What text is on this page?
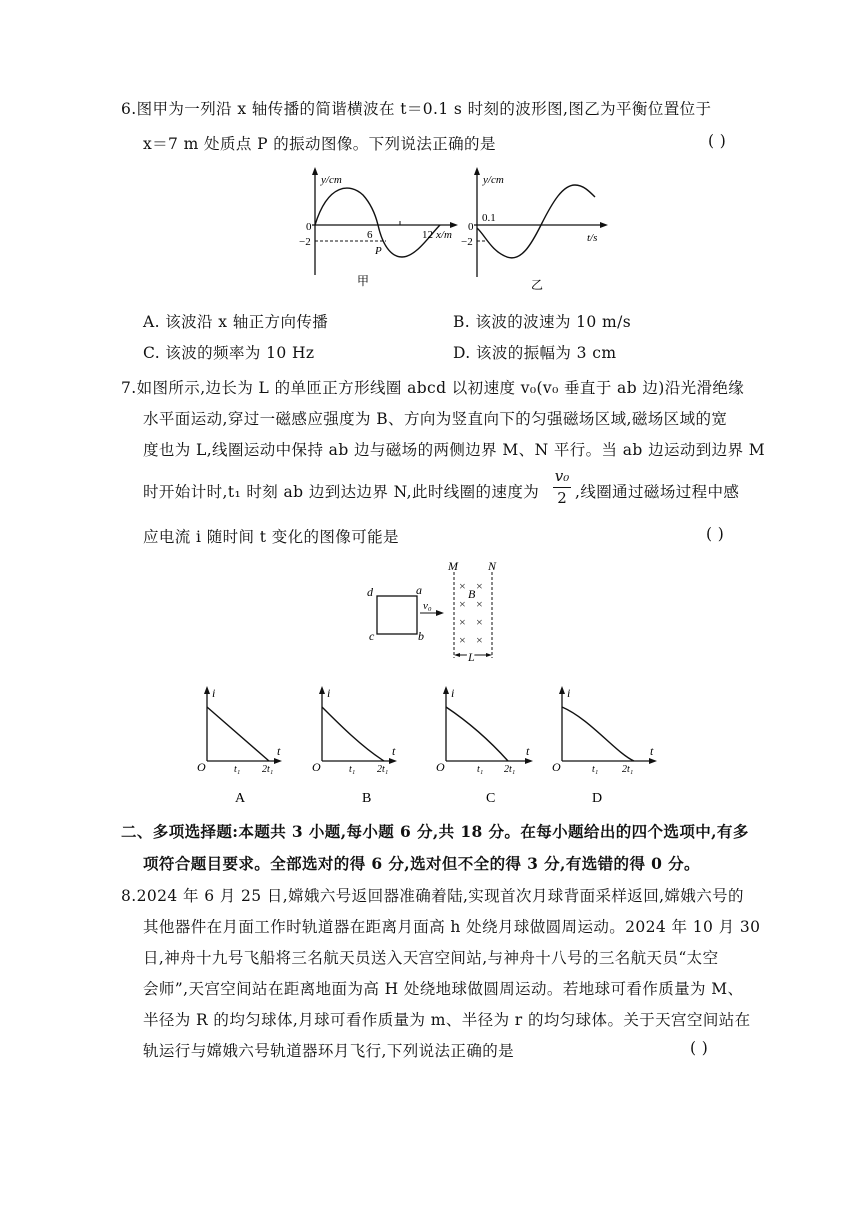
6.图甲为一列沿 x 轴传播的简谐横波在 t＝0.1 s 时刻的波形图,图乙为平衡位置位于
x＝7 m 处质点 P 的振动图像。下列说法正确的是	( )
y/cm
0
−2
6	12 x/m
P
甲
y/cm
0
−2
0.1
t/s
乙
A. 该波沿 x 轴正方向传播	B. 该波的波速为 10 m/s
C. 该波的频率为 10 Hz	D. 该波的振幅为 3 cm
7.如图所示,边长为 L 的单匝正方形线圈 abcd 以初速度 v₀(v₀ 垂直于 ab 边)沿光滑绝缘
水平面运动,穿过一磁感应强度为 B、方向为竖直向下的匀强磁场区域,磁场区域的宽
度也为 L,线圈运动中保持 ab 边与磁场的两侧边界 M、N 平行。当 ab 边运动到边界 M
时开始计时,t₁ 时刻 ab 边到达边界 N,此时线圈的速度为
v₀
2 ,线圈通过磁场过程中感
应电流 i 随时间 t 变化的图像可能是	( )
× ×
× ×
× ×
× ×
d	a
c	b
v₀
M	N
B
L
i
t
O	t₁ 2t₁
A
i
t
O	t₁ 2t₁
B
i
t
O	t₁ 2t₁
C
i
t
O	t₁ 2t₁
D
二、多项选择题:本题共 3 小题,每小题 6 分,共 18 分。在每小题给出的四个选项中,有多
项符合题目要求。全部选对的得 6 分,选对但不全的得 3 分,有选错的得 0 分。
8.2024 年 6 月 25 日,嫦娥六号返回器准确着陆,实现首次月球背面采样返回,嫦娥六号的
其他器件在月面工作时轨道器在距离月面高 h 处绕月球做圆周运动。2024 年 10 月 30
日,神舟十九号飞船将三名航天员送入天宫空间站,与神舟十八号的三名航天员“太空
会师”,天宫空间站在距离地面为高 H 处绕地球做圆周运动。若地球可看作质量为 M、
半径为 R 的均匀球体,月球可看作质量为 m、半径为 r 的均匀球体。关于天宫空间站在
轨运行与嫦娥六号轨道器环月飞行,下列说法正确的是	( )
